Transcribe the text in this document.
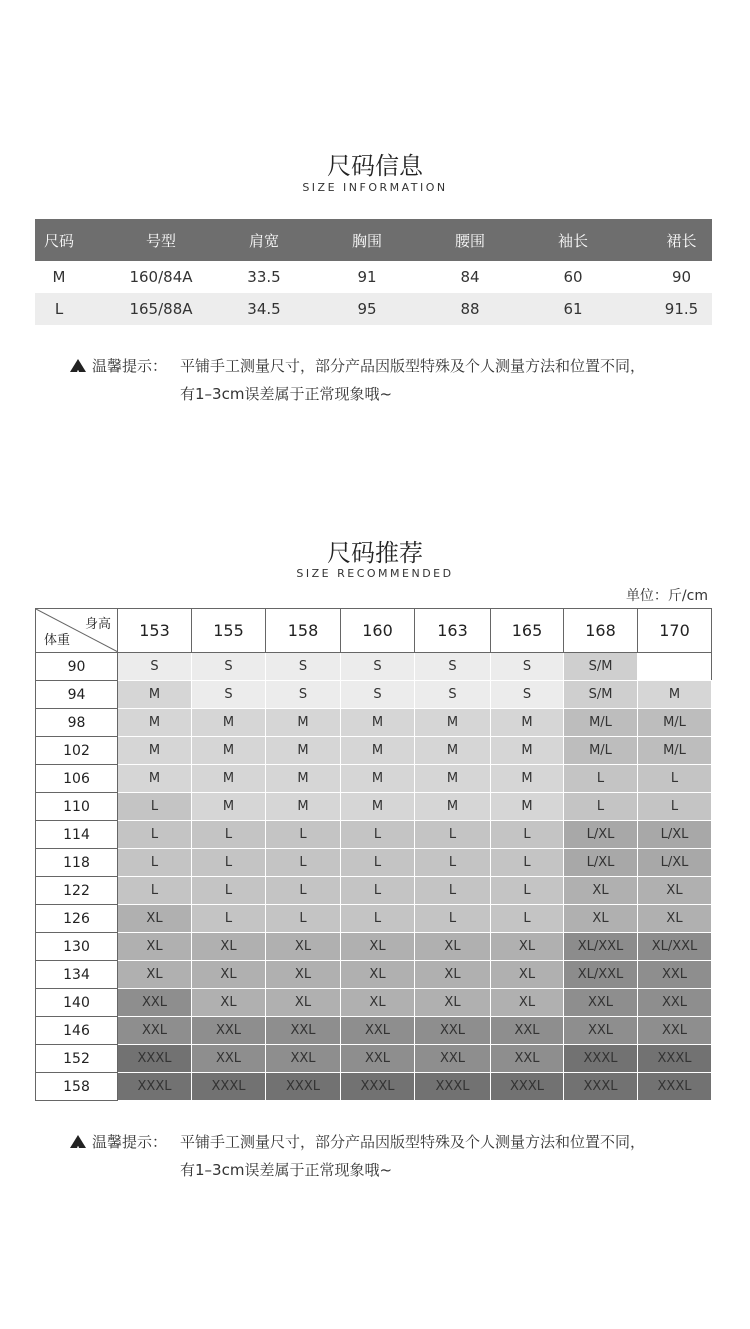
尺码信息
SIZE INFORMATION
尺码	号型	肩宽	胸围	腰围	袖长	裙长
M	160/84A	33.5	91	84	60	90
L	165/88A	34.5	95	88	61	91.5
!温馨提示： 平铺手工测量尺寸，部分产品因版型特殊及个人测量方法和位置不同，
有1–3cm误差属于正常现象哦~
尺码推荐
SIZE RECOMMENDED
单位：斤/cm
身高
体重	153	155	158	160	163	165	168	170
90	S	S	S	S	S	S	S/M	
94	M	S	S	S	S	S	S/M	M
98	M	M	M	M	M	M	M/L	M/L
102	M	M	M	M	M	M	M/L	M/L
106	M	M	M	M	M	M	L	L
110	L	M	M	M	M	M	L	L
114	L	L	L	L	L	L	L/XL	L/XL
118	L	L	L	L	L	L	L/XL	L/XL
122	L	L	L	L	L	L	XL	XL
126	XL	L	L	L	L	L	XL	XL
130	XL	XL	XL	XL	XL	XL	XL/XXL	XL/XXL
134	XL	XL	XL	XL	XL	XL	XL/XXL	XXL
140	XXL	XL	XL	XL	XL	XL	XXL	XXL
146	XXL	XXL	XXL	XXL	XXL	XXL	XXL	XXL
152	XXXL	XXL	XXL	XXL	XXL	XXL	XXXL	XXXL
158	XXXL	XXXL	XXXL	XXXL	XXXL	XXXL	XXXL	XXXL
!温馨提示： 平铺手工测量尺寸，部分产品因版型特殊及个人测量方法和位置不同，
有1–3cm误差属于正常现象哦~
